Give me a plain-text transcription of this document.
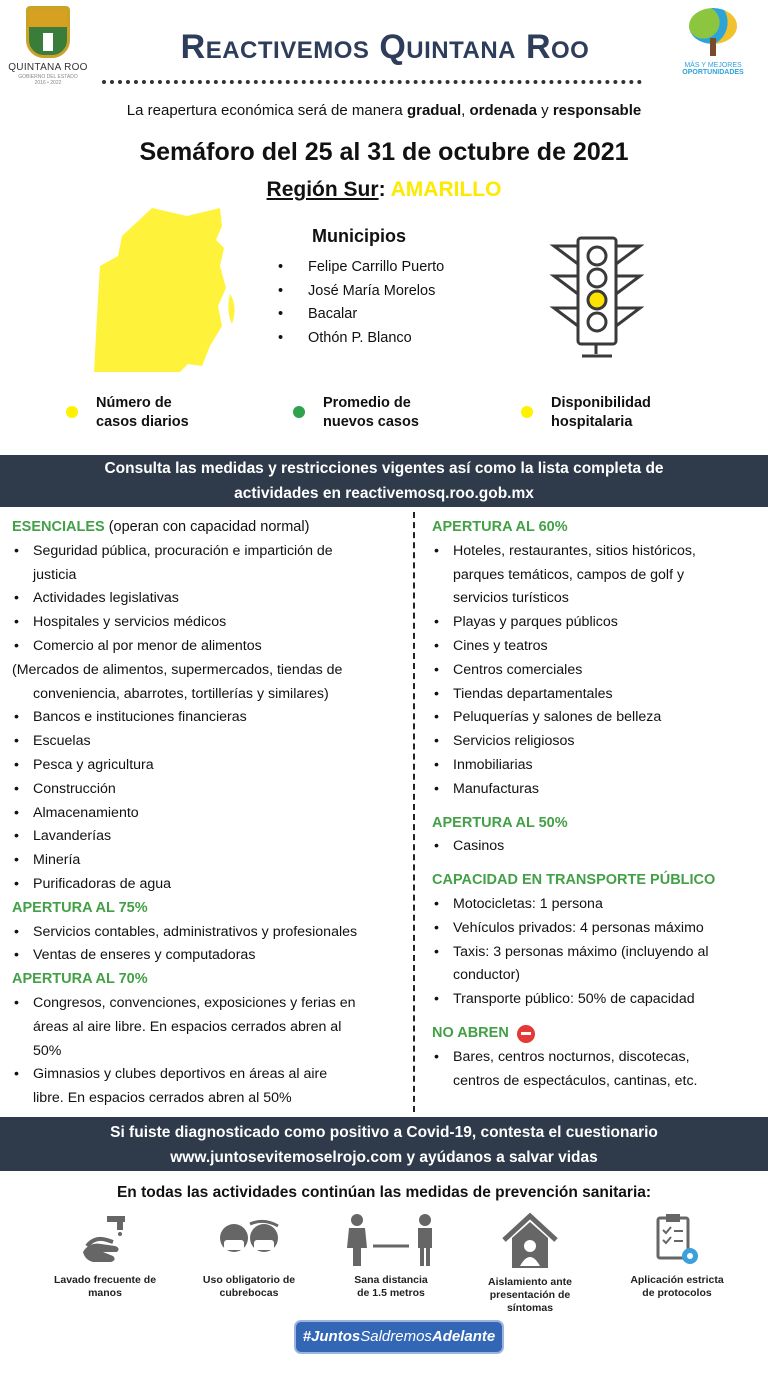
QUINTANA ROO
GOBIERNO DEL ESTADO
2016 • 2022
Reactivemos Quintana Roo	MÁS Y MEJORES
OPORTUNIDADES
La reapertura económica será de manera gradual, ordenada y responsable
Semáforo del 25 al 31 de octubre de 2021
Región Sur: AMARILLO
Municipios
• Felipe Carrillo Puerto
• José María Morelos
• Bacalar
• Othón P. Blanco
Número de
casos diarios
Promedio de
nuevos casos
Disponibilidad
hospitalaria
Consulta las medidas y restricciones vigentes así como la lista completa de
actividades en reactivemosq.roo.gob.mx
ESENCIALES (operan con capacidad normal)
• Seguridad pública, procuración e impartición de
justicia
• Actividades legislativas
• Hospitales y servicios médicos
• Comercio al por menor de alimentos
(Mercados de alimentos, supermercados, tiendas de
conveniencia, abarrotes, tortillerías y similares)
• Bancos e instituciones financieras
• Escuelas
• Pesca y agricultura
• Construcción
• Almacenamiento
• Lavanderías
• Minería
• Purificadoras de agua
APERTURA AL 75%
• Servicios contables, administrativos y profesionales
• Ventas de enseres y computadoras
APERTURA AL 70%
• Congresos, convenciones, exposiciones y ferias en
áreas al aire libre. En espacios cerrados abren al
50%
• Gimnasios y clubes deportivos en áreas al aire
libre. En espacios cerrados abren al 50%
APERTURA AL 60%
• Hoteles, restaurantes, sitios históricos,
parques temáticos, campos de golf y
servicios turísticos
• Playas y parques públicos
• Cines y teatros
• Centros comerciales
• Tiendas departamentales
• Peluquerías y salones de belleza
• Servicios religiosos
• Inmobiliarias
• Manufacturas
APERTURA AL 50%
• Casinos
CAPACIDAD EN TRANSPORTE PÚBLICO
• Motocicletas: 1 persona
• Vehículos privados: 4 personas máximo
• Taxis: 3 personas máximo (incluyendo al
conductor)
• Transporte público: 50% de capacidad
NO ABREN
• Bares, centros nocturnos, discotecas,
centros de espectáculos, cantinas, etc.
Si fuiste diagnosticado como positivo a Covid-19, contesta el cuestionario
www.juntosevitemoselrojo.com y ayúdanos a salvar vidas
En todas las actividades continúan las medidas de prevención sanitaria:
Lavado frecuente de
manos
Uso obligatorio de
cubrebocas
Sana distancia
de 1.5 metros
Aislamiento ante
presentación de
síntomas
Aplicación estricta
de protocolos
#JuntosSaldremosAdelante
